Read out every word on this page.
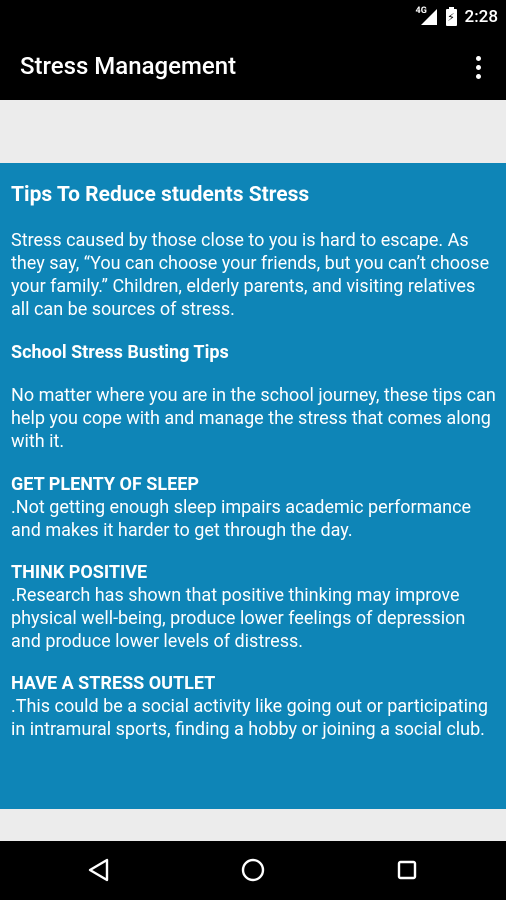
4G ⚡ 2:28
Stress Management
Tips To Reduce students Stress

Stress caused by those close to you is hard to escape. As they say, “You can choose your friends, but you can’t choose your family.” Children, elderly parents, and visiting relatives all can be sources of stress.

School Stress Busting Tips

No matter where you are in the school journey, these tips can help you cope with and manage the stress that comes along with it.

GET PLENTY OF SLEEP
.Not getting enough sleep impairs academic performance and makes it harder to get through the day.
THINK POSITIVE
.Research has shown that positive thinking may improve physical well-being, produce lower feelings of depression and produce lower levels of distress.
HAVE A STRESS OUTLET
.This could be a social activity like going out or participating in intramural sports, finding a hobby or joining a social club.
